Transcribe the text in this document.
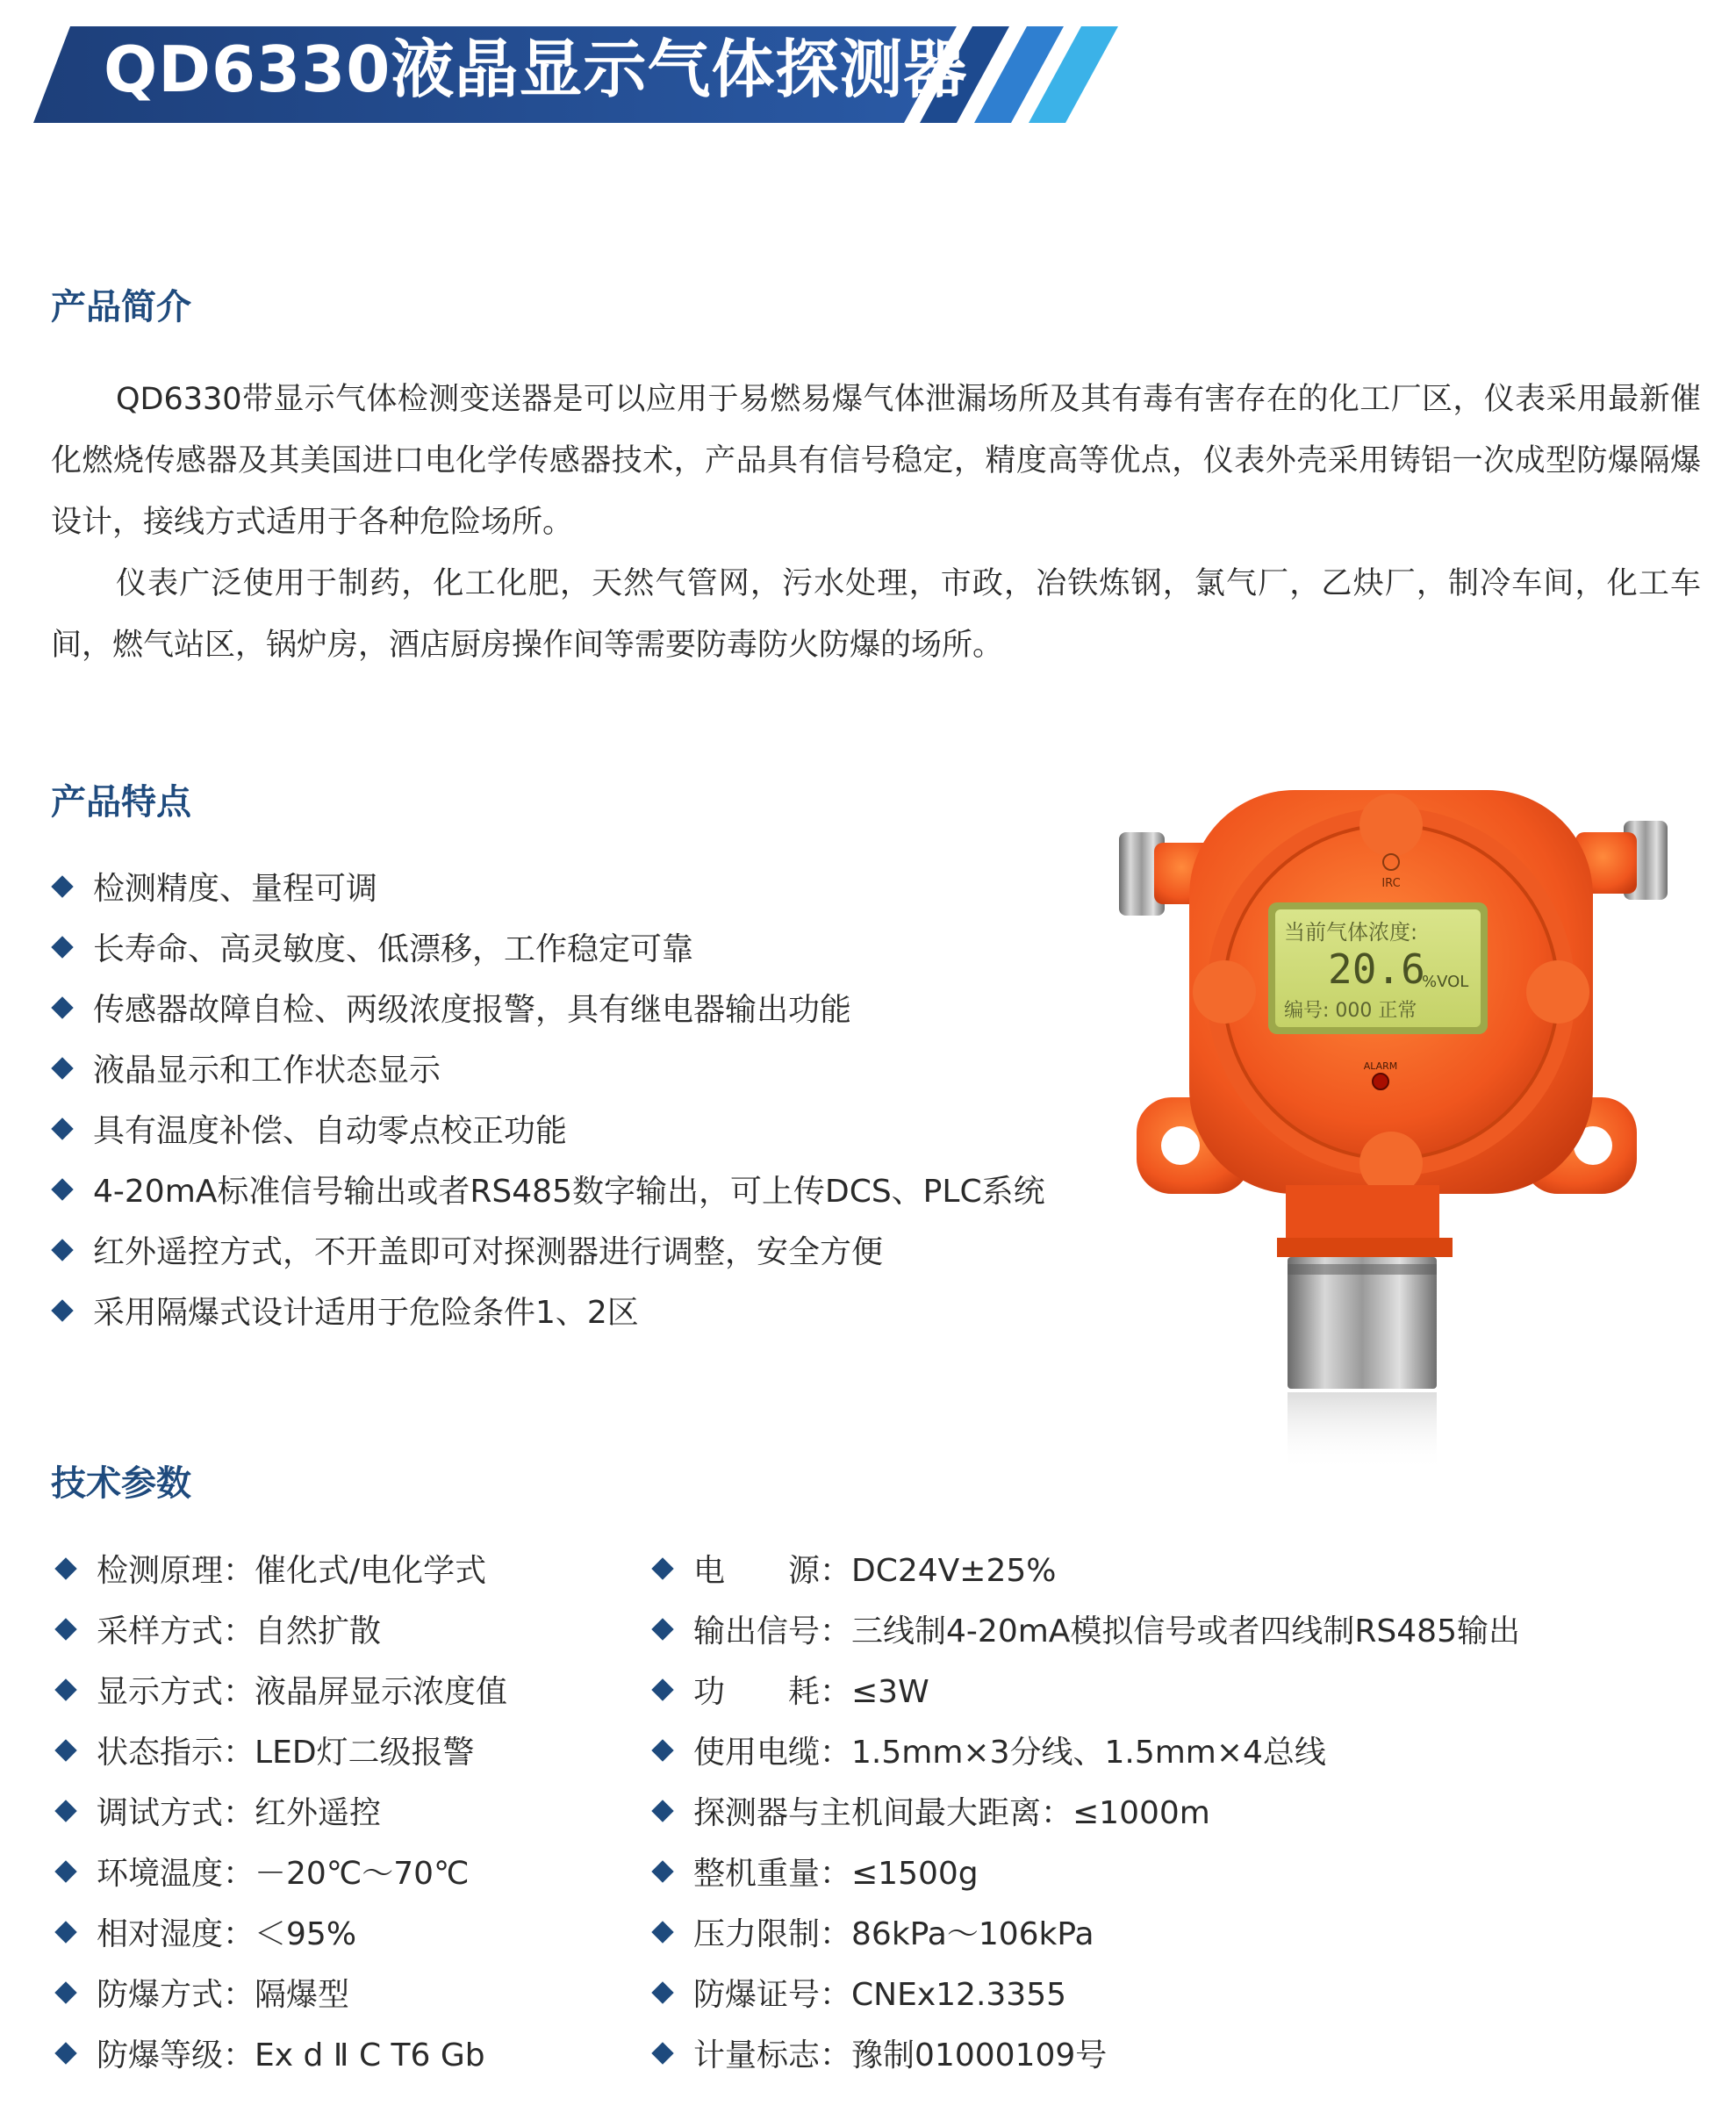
QD6330液晶显示气体探测器
产品简介

QD6330带显示气体检测变送器是可以应用于易燃易爆气体泄漏场所及其有毒有害存在的化工厂区，仪表采用最新催化燃烧传感器及其美国进口电化学传感器技术，产品具有信号稳定，精度高等优点，仪表外壳采用铸铝一次成型防爆隔爆设计，接线方式适用于各种危险场所。

仪表广泛使用于制药，化工化肥，天然气管网，污水处理，市政，冶铁炼钢，氯气厂，乙炔厂，制冷车间，化工车间，燃气站区，锅炉房，酒店厨房操作间等需要防毒防火防爆的场所。

产品特点
检测精度、量程可调
长寿命、高灵敏度、低漂移，工作稳定可靠
传感器故障自检、两级浓度报警，具有继电器输出功能
液晶显示和工作状态显示
具有温度补偿、自动零点校正功能
4-20mA标准信号输出或者RS485数字输出，可上传DCS、PLC系统
红外遥控方式，不开盖即可对探测器进行调整，安全方便
采用隔爆式设计适用于危险条件1、2区
IRC
当前气体浓度:
20.6
%VOL
编号: 000 正常
ALARM
技术参数
检测原理：催化式/电化学式
采样方式：自然扩散
显示方式：液晶屏显示浓度值
状态指示：LED灯二级报警
调试方式：红外遥控
环境温度：－20℃～70℃
相对湿度：＜95%
防爆方式：隔爆型
防爆等级：Ex d Ⅱ C T6 Gb
电　　源：DC24V±25%
输出信号：三线制4-20mA模拟信号或者四线制RS485输出
功　　耗：≤3W
使用电缆：1.5mm×3分线、1.5mm×4总线
探测器与主机间最大距离：≤1000m
整机重量：≤1500g
压力限制：86kPa～106kPa
防爆证号：CNEx12.3355
计量标志：豫制01000109号
